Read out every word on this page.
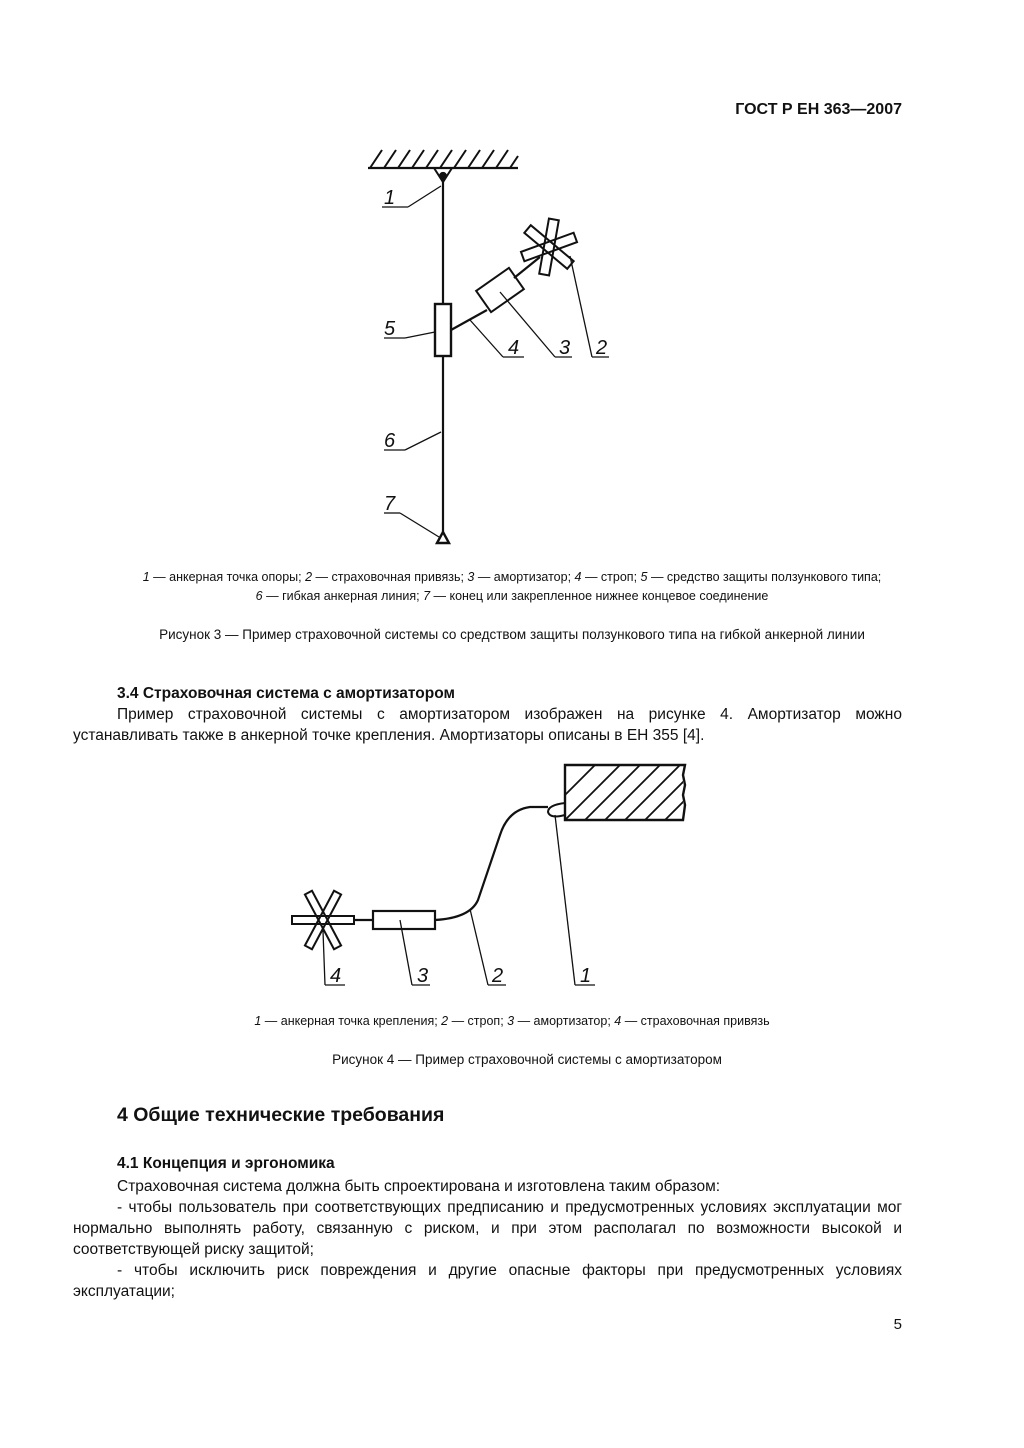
ГОСТ Р ЕН 363—2007
1
2
3
4
5
6
7
1 — анкерная точка опоры; 2 — страховочная привязь; 3 — амортизатор; 4 — строп; 5 — средство защиты ползункового типа;
6 — гибкая анкерная линия; 7 — конец или закрепленное нижнее концевое соединение
Рисунок 3 — Пример страховочной системы со средством защиты ползункового типа на гибкой анкерной линии

3.4 Страховочная система с амортизатором

Пример страховочной системы с амортизатором изображен на рисунке 4. Амортизатор можно устанавливать также в анкерной точке крепления. Амортизаторы описаны в ЕН 355 [4].

4	3	2	1
1 — анкерная точка крепления; 2 — строп; 3 — амортизатор; 4 — страховочная привязь
Рисунок 4 — Пример страховочной системы с амортизатором
4 Общие технические требования
4.1 Концепция и эргономика

Страховочная система должна быть спроектирована и изготовлена таким образом:

- чтобы пользователь при соответствующих предписанию и предусмотренных условиях эксплуатации мог нормально выполнять работу, связанную с риском, и при этом располагал по возможности высокой и соответствующей риску защитой;

- чтобы исключить риск повреждения и другие опасные факторы при предусмотренных условиях эксплуатации;

5
